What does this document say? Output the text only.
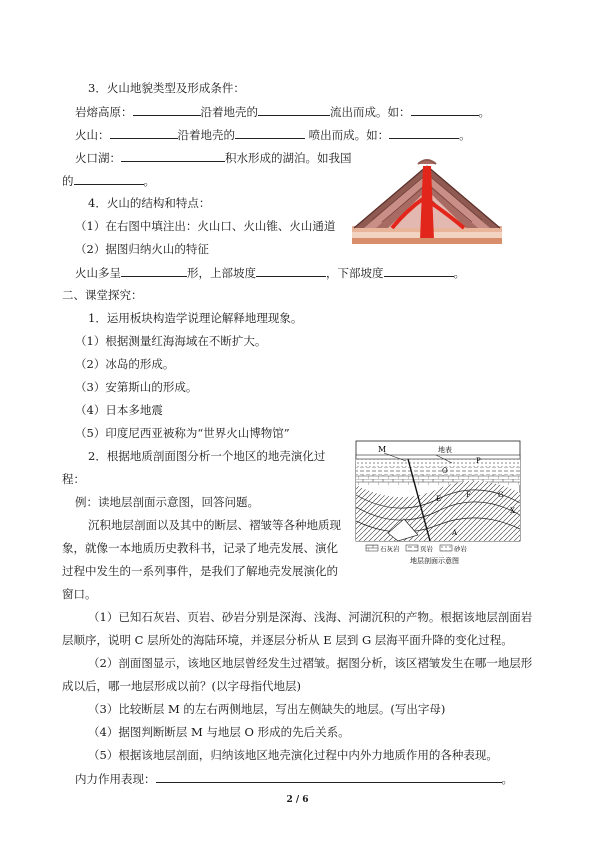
3．火山地貌类型及形成条件：
岩熔高原：	沿着地壳的	流出而成。如：	。
火山：	沿着地壳的	喷出而成。如：	。
火口湖：	积水形成的湖泊。如我国
的	。
4．火山的结构和特点：
（1）在右图中填注出：火山口、火山锥、火山通道
（2）据图归纳火山的特征
火山多呈	形，上部坡度	，下部坡度	。
二、课堂探究：
1．运用板块构造学说理论解释地理现象。
（1）根据测量红海海域在不断扩大。
（2）冰岛的形成。
（3）安第斯山的形成。
（4）日本多地震
（5）印度尼西亚被称为“世界火山博物馆”
2．根据地质剖面图分析一个地区的地壳演化过
程：
例：读地层剖面示意图，回答问题。
沉积地层剖面以及其中的断层、褶皱等各种地质现
象，就像一本地质历史教科书，记录了地壳发展、演化
过程中发生的一系列事件，是我们了解地壳发展演化的
窗口。
M	地表
P
O
E	F	G
X
A
石灰岩	页岩	砂岩
地层剖面示意图
（1）已知石灰岩、页岩、砂岩分别是深海、浅海、河湖沉积的产物。根据该地层剖面岩
层顺序，说明 C 层所处的海陆环境，并逐层分析从 E 层到 G 层海平面升降的变化过程。
（2）剖面图显示，该地区地层曾经发生过褶皱。据图分析，该区褶皱发生在哪一地层形
成以后，哪一地层形成以前？(以字母指代地层)
（3）比较断层 M 的左右两侧地层，写出左侧缺失的地层。(写出字母)
（4）据图判断断层 M 与地层 O 形成的先后关系。
（5）根据该地层剖面，归纳该地区地壳演化过程中内外力地质作用的各种表现。
内力作用表现：	。
2 / 6
